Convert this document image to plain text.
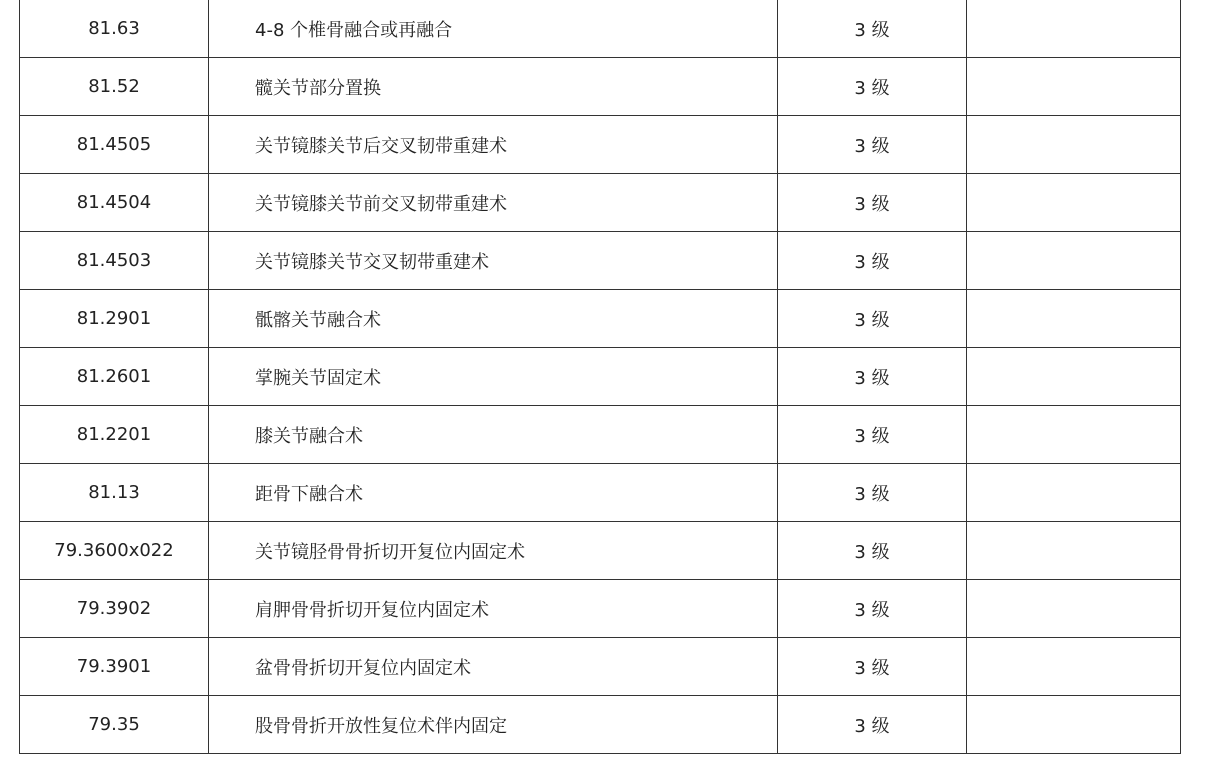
81.63	4-8 个椎骨融合或再融合	3 级	
81.52	髋关节部分置换	3 级	
81.4505	关节镜膝关节后交叉韧带重建术	3 级	
81.4504	关节镜膝关节前交叉韧带重建术	3 级	
81.4503	关节镜膝关节交叉韧带重建术	3 级	
81.2901	骶髂关节融合术	3 级	
81.2601	掌腕关节固定术	3 级	
81.2201	膝关节融合术	3 级	
81.13	距骨下融合术	3 级	
79.3600x022	关节镜胫骨骨折切开复位内固定术	3 级	
79.3902	肩胛骨骨折切开复位内固定术	3 级	
79.3901	盆骨骨折切开复位内固定术	3 级	
79.35	股骨骨折开放性复位术伴内固定	3 级	
